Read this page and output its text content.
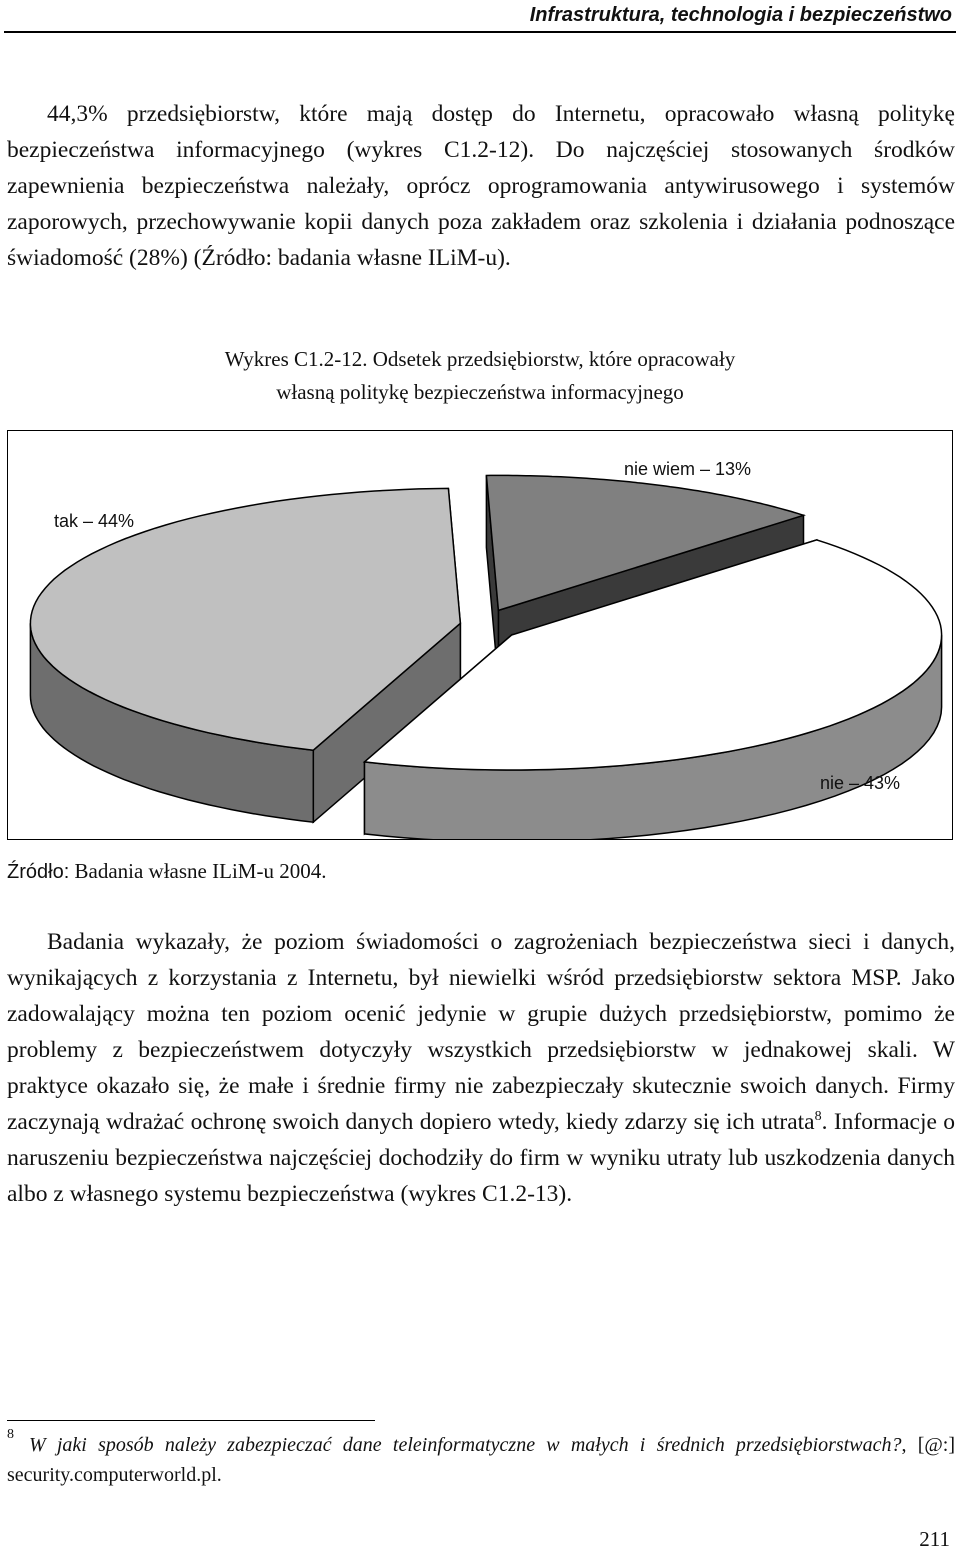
Infrastruktura, technologia i bezpieczeństwo

44,3% przedsiębiorstw, które mają dostęp do Internetu, opracowało własną politykę bezpieczeństwa informacyjnego (wykres C1.2-12). Do najczęściej stosowanych środków zapewnienia bezpieczeństwa należały, oprócz oprogramowania antywirusowego i systemów zaporowych, przechowywanie kopii danych poza zakładem oraz szkolenia i działania podnoszące świadomość (28%) (Źródło: badania własne ILiM-u).

Wykres C1.2-12. Odsetek przedsiębiorstw, które opracowały
własną politykę bezpieczeństwa informacyjnego
tak – 44%
nie wiem – 13%
nie – 43%
Źródło: Badania własne ILiM-u 2004.

Badania wykazały, że poziom świadomości o zagrożeniach bezpieczeństwa sieci i danych, wynikających z korzystania z Internetu, był niewielki wśród przedsiębiorstw sektora MSP. Jako zadowalający można ten poziom ocenić jedynie w grupie dużych przedsiębiorstw, pomimo że problemy z bezpieczeństwem dotyczyły wszystkich przedsiębiorstw w jednakowej skali. W praktyce okazało się, że małe i średnie firmy nie zabezpieczały skutecznie swoich danych. Firmy zaczynają wdrażać ochronę swoich danych dopiero wtedy, kiedy zdarzy się ich utrata$^8$. Informacje o naruszeniu bezpieczeństwa najczęściej dochodziły do firm w wyniku utraty lub uszkodzenia danych albo z własnego systemu bezpieczeństwa (wykres C1.2-13).

8 W jaki sposób należy zabezpieczać dane teleinformatyczne w małych i średnich przedsiębiorstwach?, [@:] security.computerworld.pl.

211
